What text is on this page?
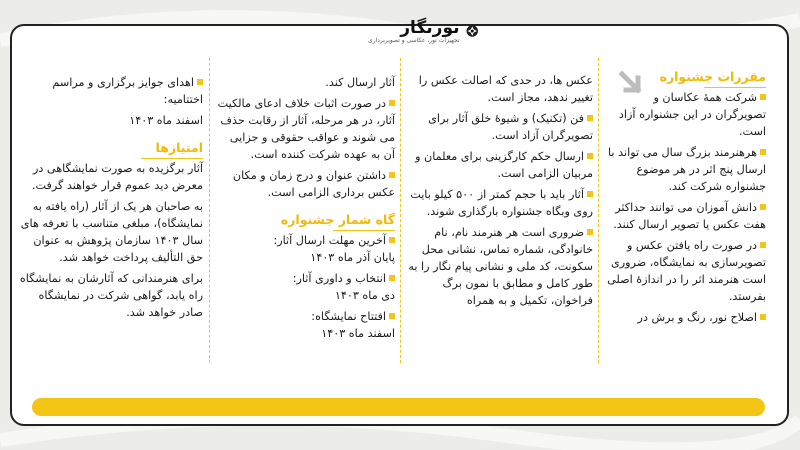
نورنگار
تجهیزات نور، عکاسی و تصویربرداری
مقررات جشنواره
شرکت همهٔ عکاسان و تصویرگران در این جشنواره آزاد است.
هرهنرمند بزرگ سال می تواند با ارسال پنج اثر در هر موضوع جشنواره شرکت کند.
دانش آموزان می توانند حداکثر هفت عکس یا تصویر ارسال کنند.
در صورت راه یافتن عکس و تصویرسازی به نمایشگاه، ضروری است هنرمند اثر را در اندازهٔ اصلی بفرستد.
اصلاح نور، رنگ و برش در
عکس ها، در حدی که اصالت عکس را تغییر ندهد، مجاز است.
فن (تکنیک) و شیوهٔ خلق آثار برای تصویرگران آزاد است.
ارسال حکم کارگزینی برای معلمان و مربیان الزامی است.
آثار باید با حجم کمتر از ۵۰۰ کیلو بایت روی وبگاه جشنواره بارگذاری شوند.
ضروری است هر هنرمند نام، نام خانوادگی، شماره تماس، نشانی محل سکونت، کد ملی و نشانی پیام نگار را به طور کامل و مطابق با نمون برگ فراخوان، تکمیل و به همراه
آثار ارسال کند.
در صورت اثبات خلاف ادعای مالکیت آثار، در هر مرحله، آثار از رقابت حذف می شوند و عواقب حقوقی و جزایی آن به عهده شرکت کننده است.
داشتن عنوان و درج زمان و مکان عکس برداری الزامی است.
گاه شمار جشنواره
آخرین مهلت ارسال آثار:
پایان آذر ماه ۱۴۰۳
انتخاب و داوری آثار:
دی ماه ۱۴۰۳
افتتاح نمایشگاه:
اسفند ماه ۱۴۰۳
اهدای جوایز برگزاری و مراسم اختتامیه:
اسفند ماه ۱۴۰۳
امتیازها
آثار برگزیده به صورت نمایشگاهی در معرض دید عموم قرار خواهند گرفت.
به صاحبان هر یک از آثار (راه یافته به نمایشگاه)، مبلغی متناسب با تعرفه های سال ۱۴۰۳ سازمان پژوهش به عنوان حق التألیف پرداخت خواهد شد.
برای هنرمندانی که آثارشان به نمایشگاه راه یابد، گواهی شرکت در نمایشگاه صادر خواهد شد.
